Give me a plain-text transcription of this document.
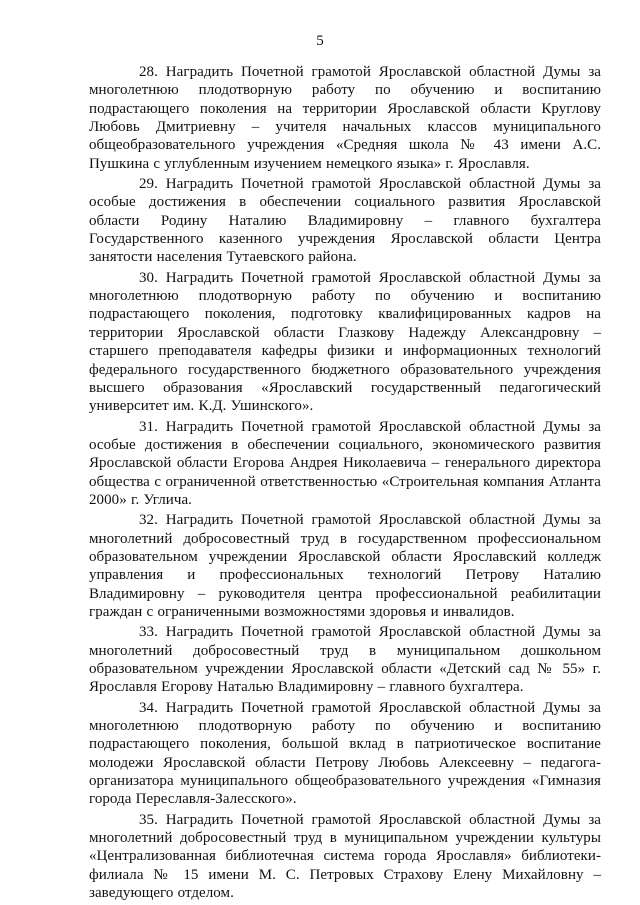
5

28. Наградить Почетной грамотой Ярославской областной Думы за многолетнюю плодотворную работу по обучению и воспитанию подрастающего поколения на территории Ярославской области Круглову Любовь Дмитриевну – учителя начальных классов муниципального общеобразовательного учреждения «Средняя школа № 43 имени А.С. Пушкина с углубленным изучением немецкого языка» г. Ярославля.

29. Наградить Почетной грамотой Ярославской областной Думы за особые достижения в обеспечении социального развития Ярославской области Родину Наталию Владимировну – главного бухгалтера Государственного казенного учреждения Ярославской области Центра занятости населения Тутаевского района.

30. Наградить Почетной грамотой Ярославской областной Думы за многолетнюю плодотворную работу по обучению и воспитанию подрастающего поколения, подготовку квалифицированных кадров на территории Ярославской области Глазкову Надежду Александровну – старшего преподавателя кафедры физики и информационных технологий федерального государственного бюджетного образовательного учреждения высшего образования «Ярославский государственный педагогический университет им. К.Д. Ушинского».

31. Наградить Почетной грамотой Ярославской областной Думы за особые достижения в обеспечении социального, экономического развития Ярославской области Егорова Андрея Николаевича – генерального директора общества с ограниченной ответственностью «Строительная компания Атланта 2000» г. Углича.

32. Наградить Почетной грамотой Ярославской областной Думы за многолетний добросовестный труд в государственном профессиональном образовательном учреждении Ярославской области Ярославский колледж управления и профессиональных технологий Петрову Наталию Владимировну – руководителя центра профессиональной реабилитации граждан с ограниченными возможностями здоровья и инвалидов.

33. Наградить Почетной грамотой Ярославской областной Думы за многолетний добросовестный труд в муниципальном дошкольном образовательном учреждении Ярославской области «Детский сад № 55» г. Ярославля Егорову Наталью Владимировну – главного бухгалтера.

34. Наградить Почетной грамотой Ярославской областной Думы за многолетнюю плодотворную работу по обучению и воспитанию подрастающего поколения, большой вклад в патриотическое воспитание молодежи Ярославской области Петрову Любовь Алексеевну – педагога-организатора муниципального общеобразовательного учреждения «Гимназия города Переславля-Залесского».

35. Наградить Почетной грамотой Ярославской областной Думы за многолетний добросовестный труд в муниципальном учреждении культуры «Централизованная библиотечная система города Ярославля» библиотеки-филиала № 15 имени М. С. Петровых Страхову Елену Михайловну – заведующего отделом.
